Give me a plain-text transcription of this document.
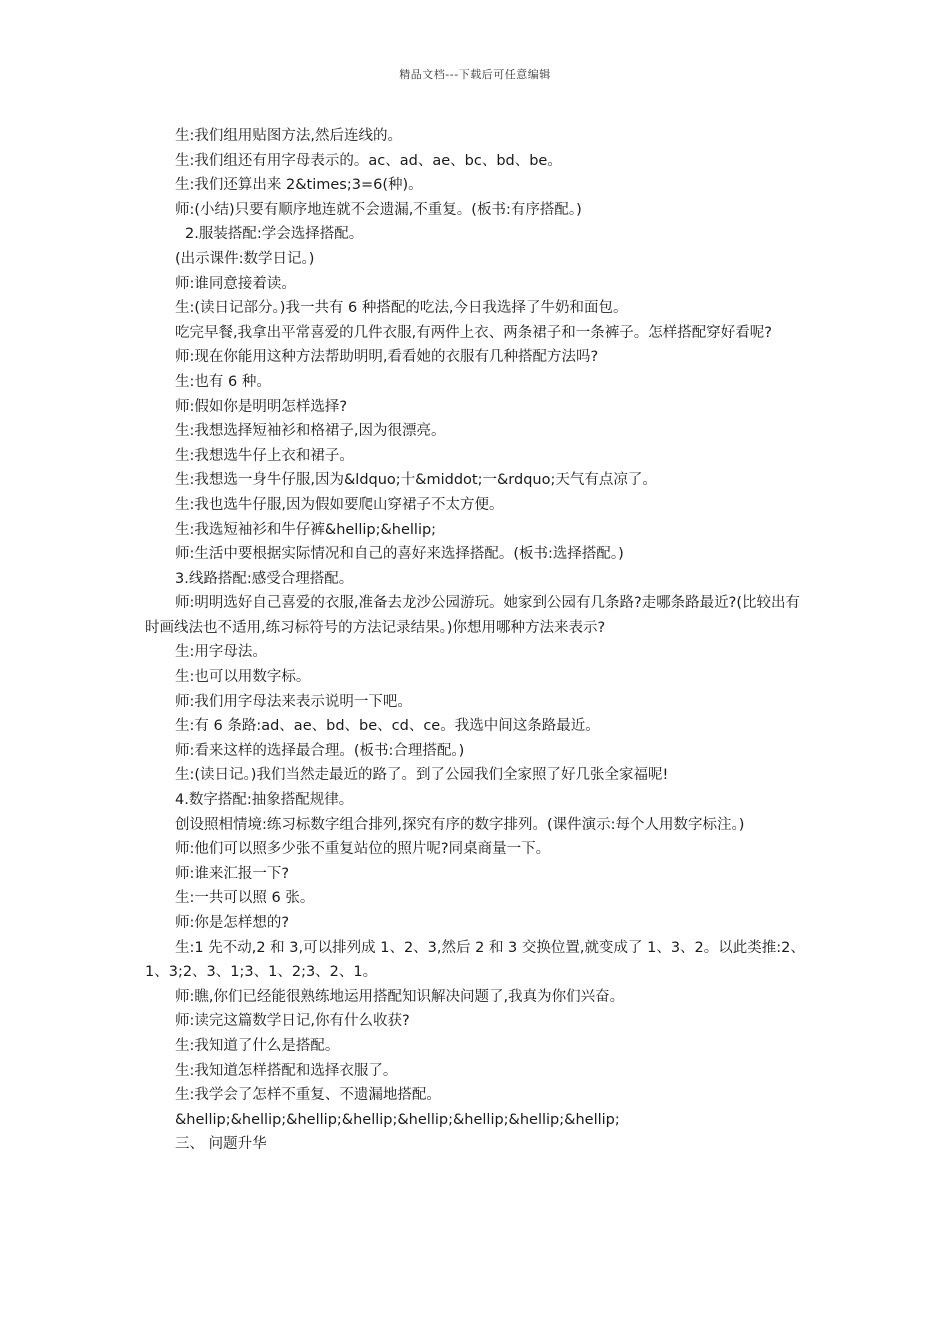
精品文档---下载后可任意编辑

生:我们组用贴图方法,然后连线的。

生:我们组还有用字母表示的。ac、ad、ae、bc、bd、be。

生:我们还算出来 2&times;3=6(种)。

师:(小结)只要有顺序地连就不会遗漏,不重复。(板书:有序搭配。)

2.服装搭配:学会选择搭配。

(出示课件:数学日记。)

师:谁同意接着读。

生:(读日记部分。)我一共有 6 种搭配的吃法,今日我选择了牛奶和面包。

吃完早餐,我拿出平常喜爱的几件衣服,有两件上衣、两条裙子和一条裤子。怎样搭配穿好看呢?

师:现在你能用这种方法帮助明明,看看她的衣服有几种搭配方法吗?

生:也有 6 种。

师:假如你是明明怎样选择?

生:我想选择短袖衫和格裙子,因为很漂亮。

生:我想选牛仔上衣和裙子。

生:我想选一身牛仔服,因为&ldquo;十&middot;一&rdquo;天气有点凉了。

生:我也选牛仔服,因为假如要爬山穿裙子不太方便。

生:我选短袖衫和牛仔裤&hellip;&hellip;

师:生活中要根据实际情况和自己的喜好来选择搭配。(板书:选择搭配。)

3.线路搭配:感受合理搭配。

师:明明选好自己喜爱的衣服,准备去龙沙公园游玩。她家到公园有几条路?走哪条路最近?(比较出有时画线法也不适用,练习标符号的方法记录结果。)你想用哪种方法来表示?

生:用字母法。

生:也可以用数字标。

师:我们用字母法来表示说明一下吧。

生:有 6 条路:ad、ae、bd、be、cd、ce。我选中间这条路最近。

师:看来这样的选择最合理。(板书:合理搭配。)

生:(读日记。)我们当然走最近的路了。到了公园我们全家照了好几张全家福呢!

4.数字搭配:抽象搭配规律。

创设照相情境:练习标数字组合排列,探究有序的数字排列。(课件演示:每个人用数字标注。)

师:他们可以照多少张不重复站位的照片呢?同桌商量一下。

师:谁来汇报一下?

生:一共可以照 6 张。

师:你是怎样想的?

生:1 先不动,2 和 3,可以排列成 1、2、3,然后 2 和 3 交换位置,就变成了 1、3、2。以此类推:2、1、3;2、3、1;3、1、2;3、2、1。

师:瞧,你们已经能很熟练地运用搭配知识解决问题了,我真为你们兴奋。

师:读完这篇数学日记,你有什么收获?

生:我知道了什么是搭配。

生:我知道怎样搭配和选择衣服了。

生:我学会了怎样不重复、不遗漏地搭配。

&hellip;&hellip;&hellip;&hellip;&hellip;&hellip;&hellip;&hellip;

三、 问题升华
